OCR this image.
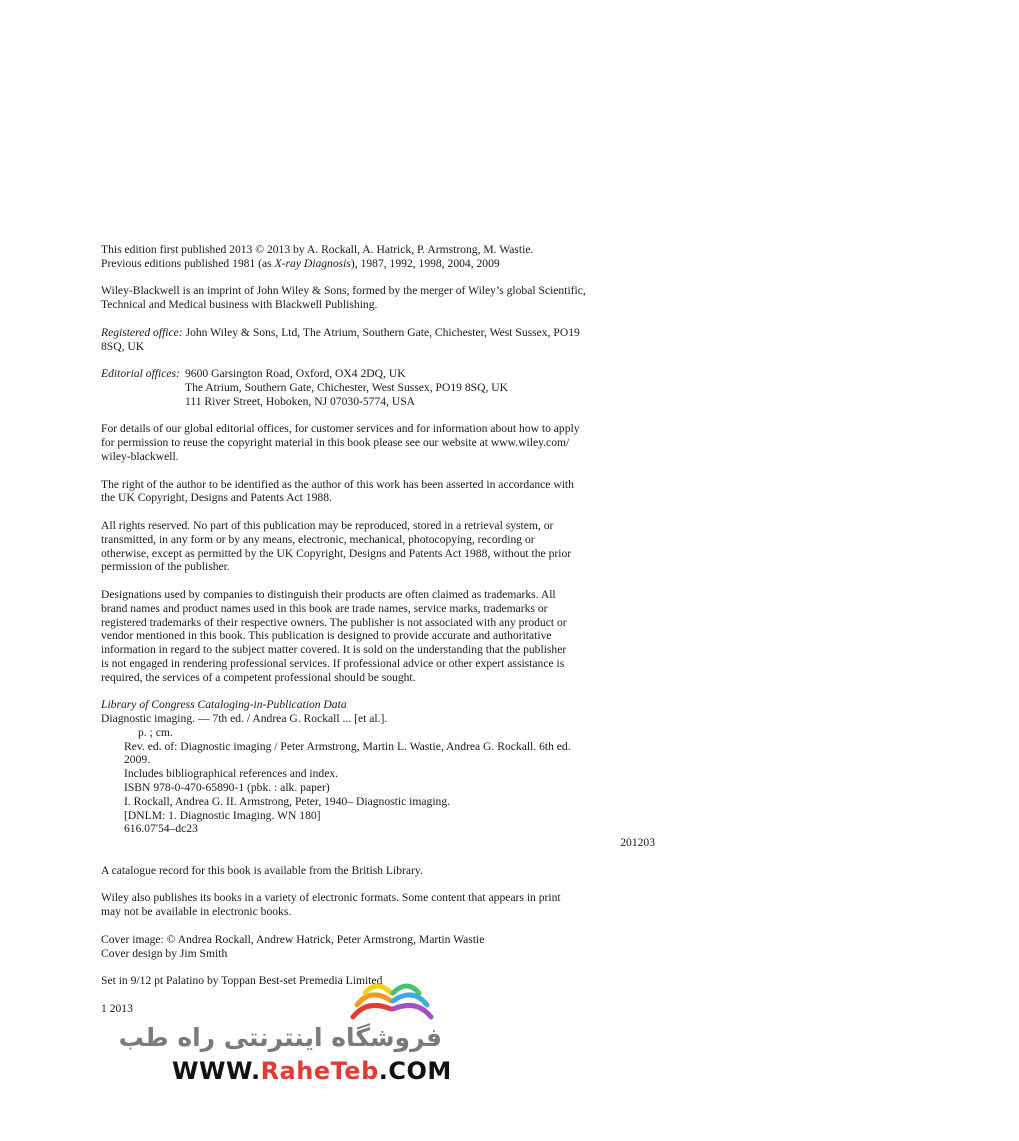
This edition first published 2013 © 2013 by A. Rockall, A. Hatrick, P. Armstrong, M. Wastie.
Previous editions published 1981 (as X-ray Diagnosis), 1987, 1992, 1998, 2004, 2009

Wiley-Blackwell is an imprint of John Wiley & Sons, formed by the merger of Wiley’s global Scientific,
Technical and Medical business with Blackwell Publishing.

Registered office: John Wiley & Sons, Ltd, The Atrium, Southern Gate, Chichester, West Sussex, PO19
8SQ, UK

Editorial offices: 9600 Garsington Road, Oxford, OX4 2DQ, UK
The Atrium, Southern Gate, Chichester, West Sussex, PO19 8SQ, UK
111 River Street, Hoboken, NJ 07030-5774, USA

For details of our global editorial offices, for customer services and for information about how to apply
for permission to reuse the copyright material in this book please see our website at www.wiley.com/
wiley-blackwell.

The right of the author to be identified as the author of this work has been asserted in accordance with
the UK Copyright, Designs and Patents Act 1988.

All rights reserved. No part of this publication may be reproduced, stored in a retrieval system, or
transmitted, in any form or by any means, electronic, mechanical, photocopying, recording or
otherwise, except as permitted by the UK Copyright, Designs and Patents Act 1988, without the prior
permission of the publisher.

Designations used by companies to distinguish their products are often claimed as trademarks. All
brand names and product names used in this book are trade names, service marks, trademarks or
registered trademarks of their respective owners. The publisher is not associated with any product or
vendor mentioned in this book. This publication is designed to provide accurate and authoritative
information in regard to the subject matter covered. It is sold on the understanding that the publisher
is not engaged in rendering professional services. If professional advice or other expert assistance is
required, the services of a competent professional should be sought.

Library of Congress Cataloging-in-Publication Data
Diagnostic imaging. — 7th ed. / Andrea G. Rockall ... [et al.].
p. ; cm.
Rev. ed. of: Diagnostic imaging / Peter Armstrong, Martin L. Wastie, Andrea G. Rockall. 6th ed.
2009.
Includes bibliographical references and index.
ISBN 978-0-470-65890-1 (pbk. : alk. paper)
I. Rockall, Andrea G. II. Armstrong, Peter, 1940– Diagnostic imaging.
[DNLM: 1. Diagnostic Imaging. WN 180]
616.07'54–dc23
201203

A catalogue record for this book is available from the British Library.

Wiley also publishes its books in a variety of electronic formats. Some content that appears in print
may not be available in electronic books.

Cover image: © Andrea Rockall, Andrew Hatrick, Peter Armstrong, Martin Wastie
Cover design by Jim Smith

Set in 9/12 pt Palatino by Toppan Best-set Premedia Limited

1 2013

فروشگاه اینترنتی راه طب
WWW.RaheTeb.COM
